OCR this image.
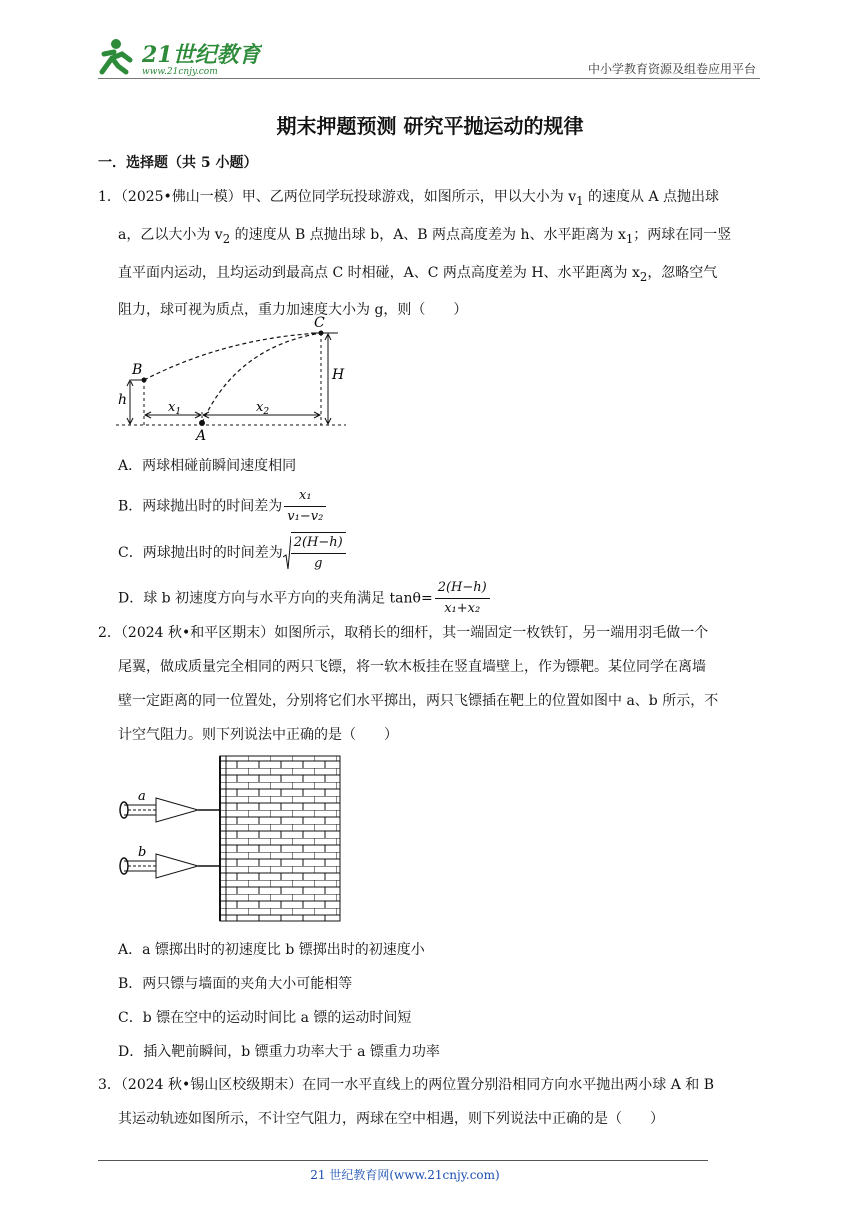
21世纪教育
www.21cnjy.com	中小学教育资源及组卷应用平台
期末押题预测 研究平抛运动的规律
一．选择题（共 5 小题）
1．（2025•佛山一模）甲、乙两位同学玩投球游戏，如图所示，甲以大小为 $v_1$ 的速度从 A 点抛出球
a，乙以大小为 $v_2$ 的速度从 B 点抛出球 b，A、B 两点高度差为 h、水平距离为 $x_1$；两球在同一竖
直平面内运动，且均运动到最高点 C 时相碰，A、C 两点高度差为 H、水平距离为 $x_2$，忽略空气
阻力，球可视为质点，重力加速度大小为 g，则（　　）
B
C
A
h
H
$x_1$	$x_2$
A．两球相碰前瞬间速度相同
B．两球抛出时的时间差为 $\frac{\text{x₁}}{\text{v₁−v₂}}$
C．两球抛出时的时间差为 $\frac{2(H-h)}{g}$
D．球 b 初速度方向与水平方向的夹角满足 $\tan\theta= \frac{2(H-h)}{\text{x₁+x₂}}$
2．（2024 秋•和平区期末）如图所示，取稍长的细杆，其一端固定一枚铁钉，另一端用羽毛做一个
尾翼，做成质量完全相同的两只飞镖，将一软木板挂在竖直墙壁上，作为镖靶。某位同学在离墙
壁一定距离的同一位置处，分别将它们水平掷出，两只飞镖插在靶上的位置如图中 a、b 所示，不
计空气阻力。则下列说法中正确的是（　　）
a
b
A．a 镖掷出时的初速度比 b 镖掷出时的初速度小
B．两只镖与墙面的夹角大小可能相等
C．b 镖在空中的运动时间比 a 镖的运动时间短
D．插入靶前瞬间，b 镖重力功率大于 a 镖重力功率
3．（2024 秋•锡山区校级期末）在同一水平直线上的两位置分别沿相同方向水平抛出两小球 A 和 B
其运动轨迹如图所示，不计空气阻力，两球在空中相遇，则下列说法中正确的是（　　）
21 世纪教育网(www.21cnjy.com)
